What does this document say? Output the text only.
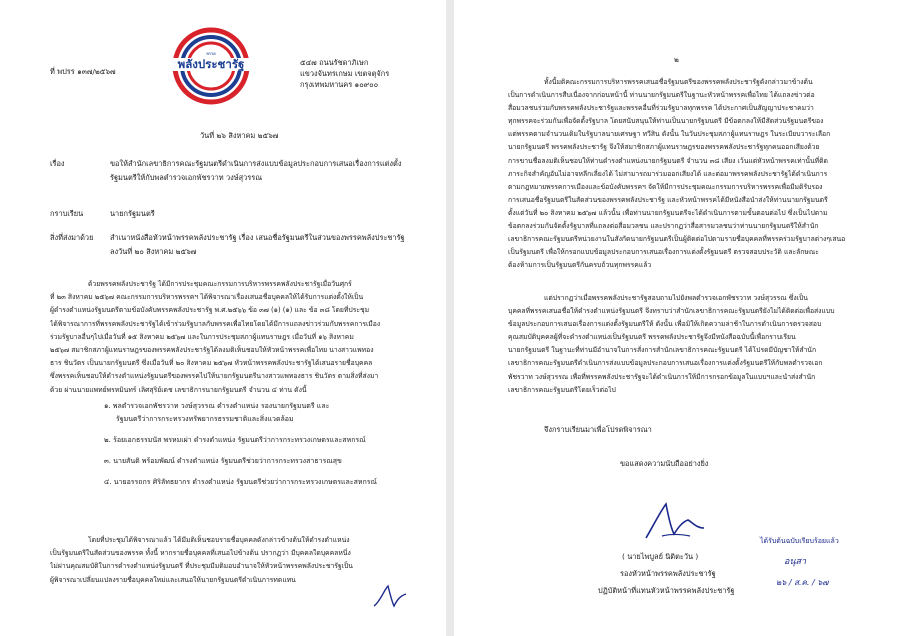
พรรค
พลังประชารัฐ
ที่ พปรร ๑๓๗/๒๕๖๗
๕๔๗ ถนนรัชดาภิเษก
แขวงจันทรเกษม เขตจตุจักร
กรุงเทพมหานคร ๑๐๙๐๐
วันที่ ๒๖ สิงหาคม ๒๕๖๗
เรื่อง	ขอให้สำนักเลขาธิการคณะรัฐมนตรีดำเนินการส่งแบบข้อมูลประกอบการเสนอเรื่องการแต่งตั้ง
รัฐมนตรีให้กับพลตำรวจเอกพัชรวาท วงษ์สุวรรณ
กราบเรียน	นายกรัฐมนตรี
สิ่งที่ส่งมาด้วย สำเนาหนังสือหัวหน้าพรรคพลังประชารัฐ เรื่อง เสนอชื่อรัฐมนตรีในส่วนของพรรคพลังประชารัฐ
ลงวันที่ ๒๐ สิงหาคม ๒๕๖๗
ด้วยพรรคพลังประชารัฐ ได้มีการประชุมคณะกรรมการบริหารพรรคพลังประชารัฐเมื่อวันศุกร์
ที่ ๒๓ สิงหาคม ๒๕๖๗ คณะกรรมการบริหารพรรคฯ ได้พิจารณาเรื่องเสนอชื่อบุคคลให้ได้รับการแต่งตั้งให้เป็น
ผู้ดำรงตำแหน่งรัฐมนตรีตามข้อบังคับพรรคพลังประชารัฐ พ.ศ.๒๕๖๖ ข้อ ๓๗ (๑) (๑) และ ข้อ ๓๘ โดยที่ประชุม
ได้พิจารณาการที่พรรคพลังประชารัฐได้เข้าร่วมรัฐบาลกับพรรคเพื่อไทยโดยได้มีการแถลงข่าวร่วมกับพรรคการเมือง
ร่วมรัฐบาลอื่นๆไปเมื่อวันที่ ๑๕ สิงหาคม ๒๕๖๗ และในการประชุมสภาผู้แทนราษฎร เมื่อวันที่ ๑๖ สิงหาคม
๒๕๖๗ สมาชิกสภาผู้แทนราษฎรของพรรคพลังประชารัฐได้ลงมติเห็นชอบให้หัวหน้าพรรคเพื่อไทย นางสาวแพทอง
ธาร ชินวัตร เป็นนายกรัฐมนตรี ซึ่งเมื่อวันที่ ๒๐ สิงหาคม ๒๕๖๗ หัวหน้าพรรคพลังประชารัฐได้เสนอรายชื่อบุคคล
ซึ่งพรรคเห็นชอบให้ดำรงตำแหน่งรัฐมนตรีของพรรคไปให้นายกรัฐมนตรีนางสาวแพทองธาร ชินวัตร ตามสิ่งที่ส่งมา
ด้วย ผ่านนายแพทย์พรหมินทร์ เลิศสุริย์เดช เลขาธิการนายกรัฐมนตรี จำนวน ๔ ท่าน ดังนี้
๑. พลตำรวจเอกพัชรวาท วงษ์สุวรรณ ดำรงตำแหน่ง รองนายกรัฐมนตรี และ
รัฐมนตรีว่าการกระทรวงทรัพยากรธรรมชาติและสิ่งแวดล้อม
๒. ร้อยเอกธรรมนัส พรหมเผ่า ดำรงตำแหน่ง รัฐมนตรีว่าการกระทรวงเกษตรและสหกรณ์
๓. นายสันติ พร้อมพัฒน์ ดำรงตำแหน่ง รัฐมนตรีช่วยว่าการกระทรวงสาธารณสุข
๔. นายอรรถกร ศิริลัทธยากร ดำรงตำแหน่ง รัฐมนตรีช่วยว่าการกระทรวงเกษตรและสหกรณ์
โดยที่ประชุมได้พิจารณาแล้ว ได้มีมติเห็นชอบรายชื่อบุคคลดังกล่าวข้างต้นให้ดำรงตำแหน่ง
เป็นรัฐมนตรีในสัดส่วนของพรรค ทั้งนี้ หากรายชื่อบุคคลที่เสนอไปข้างต้น ปรากฏว่า มีบุคคลใดบุคคลหนึ่ง
ไม่ผ่านคุณสมบัติในการดำรงตำแหน่งรัฐมนตรี ที่ประชุมมีมติมอบอำนาจให้หัวหน้าพรรคพลังประชารัฐเป็น
ผู้พิจารณาเปลี่ยนแปลงรายชื่อบุคคลใหม่และเสนอให้นายกรัฐมนตรีดำเนินการทดแทน
๒
ทั้งนี้มติคณะกรรมการบริหารพรรคเสนอชื่อรัฐมนตรีของพรรคพลังประชารัฐดังกล่าวมาข้างต้น
เป็นการดำเนินการสืบเนื่องจากก่อนหน้านี้ ท่านนายกรัฐมนตรีในฐานะหัวหน้าพรรคเพื่อไทย ได้แถลงข่าวต่อ
สื่อมวลชนร่วมกับพรรคพลังประชารัฐและพรรคอื่นที่ร่วมรัฐบาลทุกพรรค ได้ประกาศเป็นสัญญาประชาคมว่า
ทุกพรรคจะร่วมกันเพื่อจัดตั้งรัฐบาล โดยสนับสนุนให้ท่านเป็นนายกรัฐมนตรี มีข้อตกลงให้มีสัดส่วนรัฐมนตรีของ
แต่พรรคตามจำนวนเดิมในรัฐบาลนายเศรษฐา ทวีสิน ดังนั้น ในวันประชุมสภาผู้แทนราษฎร ในระเบียบวาระเลือก
นายกรัฐมนตรี พรรคพลังประชารัฐ จึงให้สมาชิกสภาผู้แทนราษฎรของพรรคพลังประชารัฐทุกคนออกเสียงด้วย
การขานชื่อลงมติเห็นชอบให้ท่านดำรงตำแหน่งนายกรัฐมนตรี จำนวน ๓๘ เสียง เว้นแต่หัวหน้าพรรคเท่านั้นที่ติด
ภาระกิจสำคัญอันไม่อาจหลีกเลี่ยงได้ ไม่สามารถมาร่วมออกเสียงได้ และต่อมาพรรคพลังประชารัฐได้ดำเนินการ
ตามกฎหมายพรรคการเมืองและข้อบังคับพรรคฯ จัดให้มีการประชุมคณะกรรมการบริหารพรรคเพื่อมีมติรับรอง
การเสนอชื่อรัฐมนตรีในสัดส่วนของพรรคพลังประชารัฐ และหัวหน้าพรรคได้มีหนังสือนำส่งให้ท่านนายกรัฐมนตรี
ตั้งแต่วันที่ ๒๐ สิงหาคม ๒๕๖๗ แล้วนั้น เพื่อท่านนายกรัฐมนตรีจะได้ดำเนินการตามขั้นตอนต่อไป ซึ่งเป็นไปตาม
ข้อตกลงร่วมกันจัดตั้งรัฐบาลที่แถลงต่อสื่อมวลชน และปรากฏว่าสื่อสารมวลชนว่าท่านนายกรัฐมนตรีให้สำนัก
เลขาธิการคณะรัฐมนตรีหน่วยงานในสังกัดนายกรัฐมนตรีเป็นผู้ติดต่อไปตามรายชื่อบุคคลที่พรรคร่วมรัฐบาลต่างๆเสนอ
เป็นรัฐมนตรี เพื่อให้กรอกแบบข้อมูลประกอบการเสนอเรื่องการแต่งตั้งรัฐมนตรี ตรวจสอบประวัติ และลักษณะ
ต้องห้ามการเป็นรัฐมนตรีกันครบถ้วนทุกพรรคแล้ว
แต่ปรากฏว่าเมื่อพรรคพลังประชารัฐสอบถามไปยังพลตำรวจเอกพัชรวาท วงษ์สุวรรณ ซึ่งเป็น
บุคคลที่พรรคเสนอชื่อให้ดำรงตำแหน่งรัฐมนตรี จึงทราบว่าสำนักเลขาธิการคณะรัฐมนตรียังไม่ได้ติดต่อเพื่อส่งแบบ
ข้อมูลประกอบการเสนอเรื่องการแต่งตั้งรัฐมนตรีให้ ดังนั้น เพื่อมิให้เกิดความล่าช้าในการดำเนินการตรวจสอบ
คุณสมบัติบุคคลผู้ที่จะดำรงตำแหน่งเป็นรัฐมนตรี พรรคพลังประชารัฐจึงมีหนังสือฉบับนี้เพื่อกราบเรียน
นายกรัฐมนตรี ในฐานะที่ท่านมีอำนาจในการสั่งการสำนักเลขาธิการคณะรัฐมนตรี ได้โปรดมีบัญชาให้สำนัก
เลขาธิการคณะรัฐมนตรีดำเนินการส่งแบบข้อมูลประกอบการเสนอเรื่องการแต่งตั้งรัฐมนตรีให้กับพลตำรวจเอก
พัชรวาท วงษ์สุวรรณ เพื่อที่พรรคพลังประชารัฐจะได้ดำเนินการให้มีการกรอกข้อมูลในแบบฯและนำส่งสำนัก
เลขาธิการคณะรัฐมนตรีโดยเร็วต่อไป
จึงกราบเรียนมาเพื่อโปรดพิจารณา
ขอแสดงความนับถืออย่างยิ่ง
( นายไพบูลย์ นิติตะวัน )
รองหัวหน้าพรรคพลังประชารัฐ
ปฏิบัติหน้าที่แทนหัวหน้าพรรคพลังประชารัฐ
ได้รับต้นฉบับเรียบร้อยแล้ว
อนุสา
๒๖ / ส.ค. / ๖๗
